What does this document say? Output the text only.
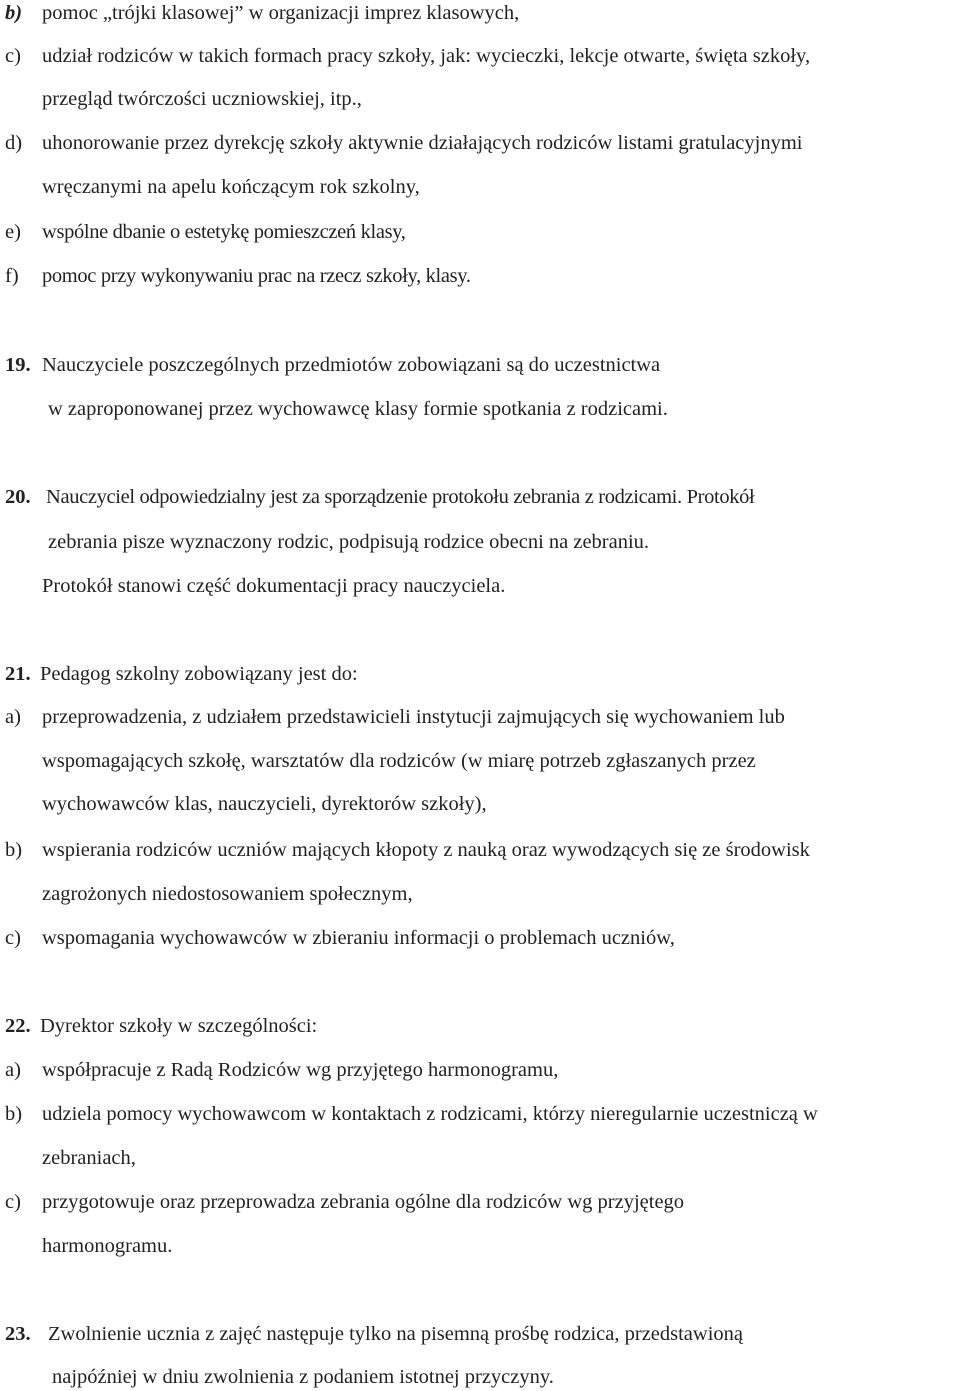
b) pomoc „trójki klasowej” w organizacji imprez klasowych,
c) udział rodziców w takich formach pracy szkoły, jak: wycieczki, lekcje otwarte, święta szkoły,
przegląd twórczości uczniowskiej, itp.,
d) uhonorowanie przez dyrekcję szkoły aktywnie działających rodziców listami gratulacyjnymi
wręczanymi na apelu kończącym rok szkolny,
e) wspólne dbanie o estetykę pomieszczeń klasy,
f) pomoc przy wykonywaniu prac na rzecz szkoły, klasy.
19. Nauczyciele poszczególnych przedmiotów zobowiązani są do uczestnictwa
w zaproponowanej przez wychowawcę klasy formie spotkania z rodzicami.
20. Nauczyciel odpowiedzialny jest za sporządzenie protokołu zebrania z rodzicami. Protokół
zebrania pisze wyznaczony rodzic, podpisują rodzice obecni na zebraniu.
Protokół stanowi część dokumentacji pracy nauczyciela.
21. Pedagog szkolny zobowiązany jest do:
a) przeprowadzenia, z udziałem przedstawicieli instytucji zajmujących się wychowaniem lub
wspomagających szkołę, warsztatów dla rodziców (w miarę potrzeb zgłaszanych przez
wychowawców klas, nauczycieli, dyrektorów szkoły),
b) wspierania rodziców uczniów mających kłopoty z nauką oraz wywodzących się ze środowisk
zagrożonych niedostosowaniem społecznym,
c) wspomagania wychowawców w zbieraniu informacji o problemach uczniów,
22. Dyrektor szkoły w szczególności:
a) współpracuje z Radą Rodziców wg przyjętego harmonogramu,
b) udziela pomocy wychowawcom w kontaktach z rodzicami, którzy nieregularnie uczestniczą w
zebraniach,
c) przygotowuje oraz przeprowadza zebrania ogólne dla rodziców wg przyjętego
harmonogramu.
23. Zwolnienie ucznia z zajęć następuje tylko na pisemną prośbę rodzica, przedstawioną
najpóźniej w dniu zwolnienia z podaniem istotnej przyczyny.
